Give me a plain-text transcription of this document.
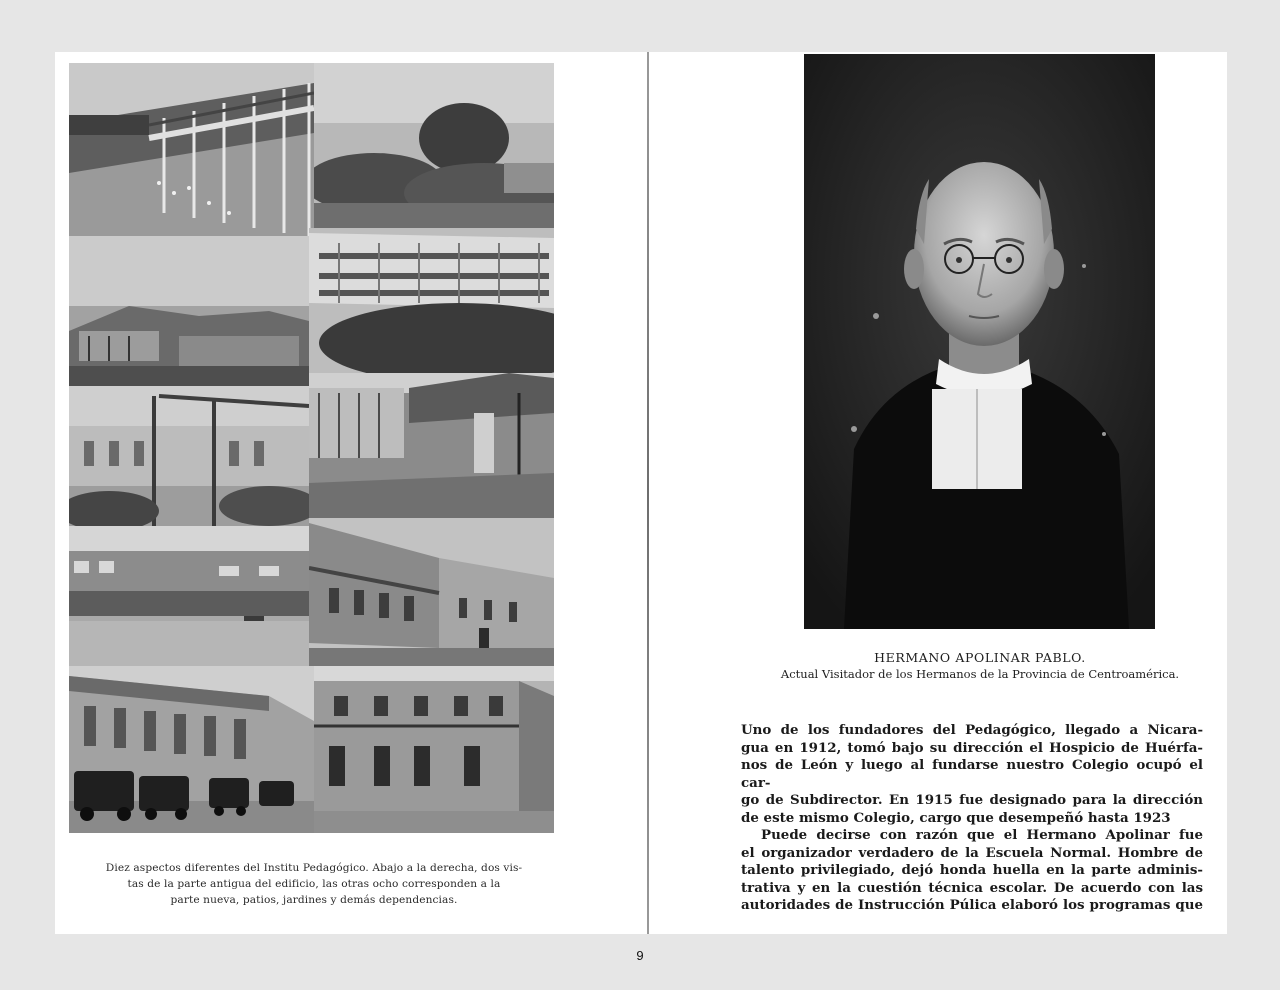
Diez aspectos diferentes del Institu Pedagógico. Abajo a la derecha, dos vis-
tas de la parte antigua del edificio, las otras ocho corresponden a la
parte nueva, patios, jardines y demás dependencias.
HERMANO APOLINAR PABLO.
Actual Visitador de los Hermanos de la Provincia de Centroamérica.

Uno de los fundadores del Pedagógico, llegado a Nicara-

gua en 1912, tomó bajo su dirección el Hospicio de Huérfa-

nos de León y luego al fundarse nuestro Colegio ocupó el car-

go de Subdirector. En 1915 fue designado para la dirección

de este mismo Colegio, cargo que desempeñó hasta 1923

Puede decirse con razón que el Hermano Apolinar fue

el organizador verdadero de la Escuela Normal. Hombre de

talento privilegiado, dejó honda huella en la parte adminis-

trativa y en la cuestión técnica escolar. De acuerdo con las

autoridades de Instrucción Púlica elaboró los programas que

9
